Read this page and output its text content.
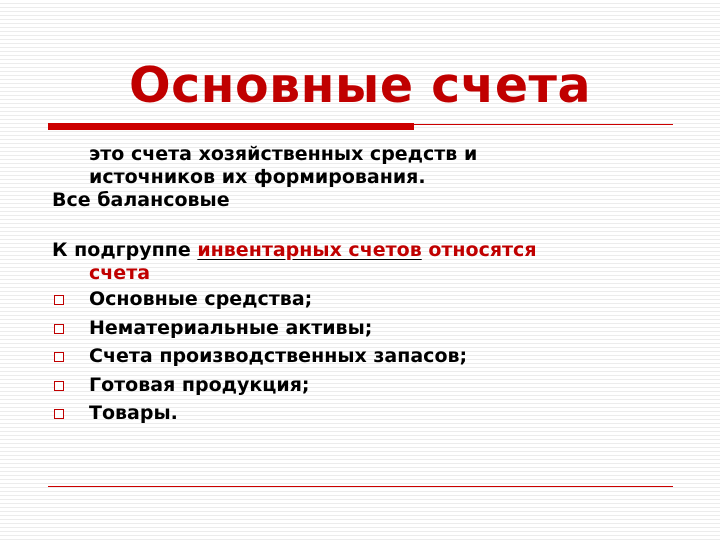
Основные счета

это счета хозяйственных средств и

источников их формирования.

Все балансовые

К подгруппе инвентарных счетов относятся

счета

Основные средства;
Нематериальные активы;
Счета производственных запасов;
Готовая продукция;
Товары.
